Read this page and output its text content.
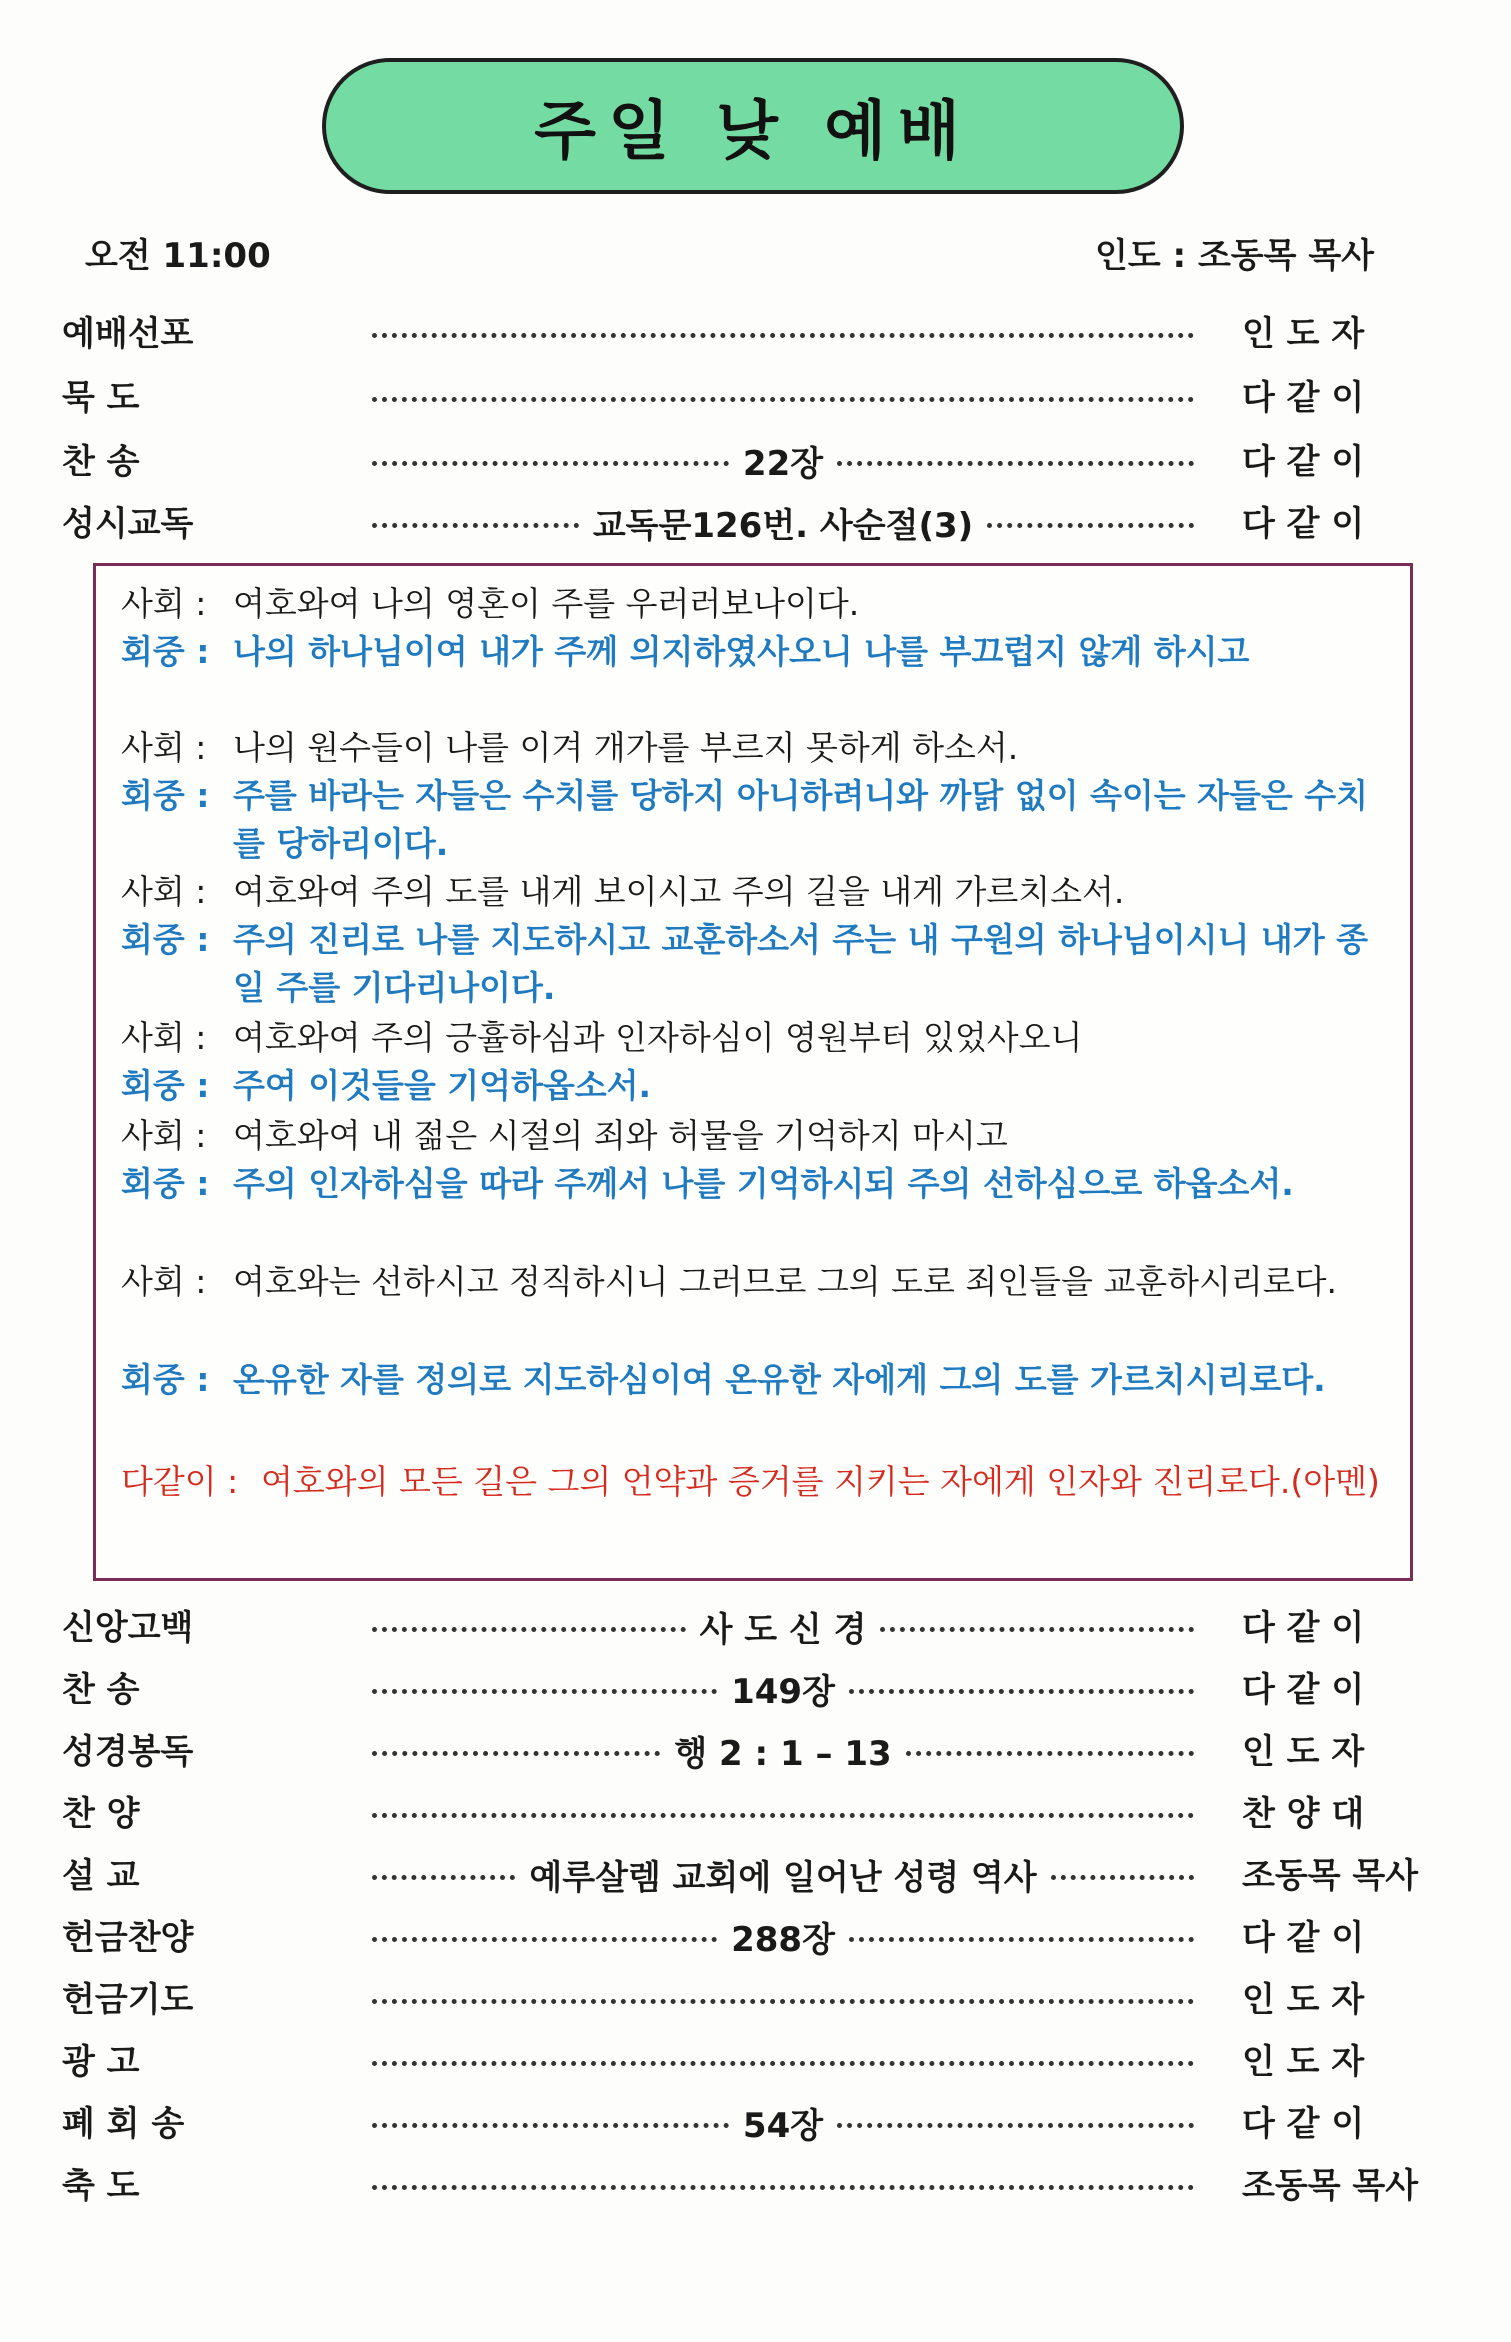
주일 낮 예배
오전 11:00	인도 : 조동목 목사
예배선포	인 도 자
묵 도	다 같 이
찬 송	22장	다 같 이
성시교독	교독문126번. 사순절(3)	다 같 이
사회 : 여호와여 나의 영혼이 주를 우러러보나이다.
회중 : 나의 하나님이여 내가 주께 의지하였사오니 나를 부끄럽지 않게 하시고
사회 : 나의 원수들이 나를 이겨 개가를 부르지 못하게 하소서.
회중 : 주를 바라는 자들은 수치를 당하지 아니하려니와 까닭 없이 속이는 자들은 수치를 당하리이다.
사회 : 여호와여 주의 도를 내게 보이시고 주의 길을 내게 가르치소서.
회중 : 주의 진리로 나를 지도하시고 교훈하소서 주는 내 구원의 하나님이시니 내가 종일 주를 기다리나이다.
사회 : 여호와여 주의 긍휼하심과 인자하심이 영원부터 있었사오니
회중 : 주여 이것들을 기억하옵소서.
사회 : 여호와여 내 젊은 시절의 죄와 허물을 기억하지 마시고
회중 : 주의 인자하심을 따라 주께서 나를 기억하시되 주의 선하심으로 하옵소서.
사회 : 여호와는 선하시고 정직하시니 그러므로 그의 도로 죄인들을 교훈하시리로다.
회중 : 온유한 자를 정의로 지도하심이여 온유한 자에게 그의 도를 가르치시리로다.
다같이 : 여호와의 모든 길은 그의 언약과 증거를 지키는 자에게 인자와 진리로다.(아멘)
신앙고백	사 도 신 경	다 같 이
찬 송	149장	다 같 이
성경봉독	행 2 : 1 – 13	인 도 자
찬 양	찬 양 대
설 교	예루살렘 교회에 일어난 성령 역사	조동목 목사
헌금찬양	288장	다 같 이
헌금기도	인 도 자
광 고	인 도 자
폐 회 송	54장	다 같 이
축 도	조동목 목사
